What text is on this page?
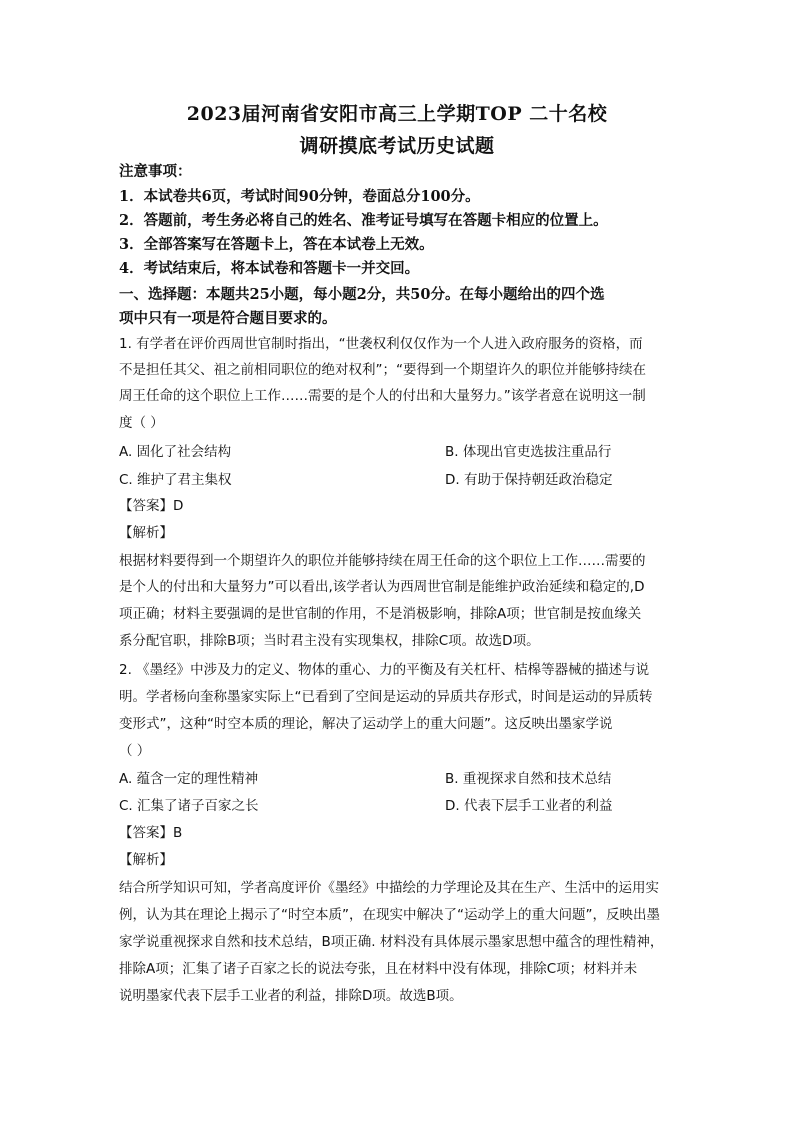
2023届河南省安阳市高三上学期TOP 二十名校
调研摸底考试历史试题
注意事项：
1．本试卷共6页，考试时间90分钟，卷面总分100分。
2．答题前，考生务必将自己的姓名、准考证号填写在答题卡相应的位置上。
3．全部答案写在答题卡上，答在本试卷上无效。
4．考试结束后，将本试卷和答题卡一并交回。
一、选择题：本题共25小题，每小题2分，共50分。在每小题给出的四个选
项中只有一项是符合题目要求的。
1. 有学者在评价西周世官制时指出，“世袭权利仅仅作为一个人进入政府服务的资格，而
不是担任其父、祖之前相同职位的绝对权利”；“要得到一个期望许久的职位并能够持续在
周王任命的这个职位上工作……需要的是个人的付出和大量努力。”该学者意在说明这一制
度（ ）
A. 固化了社会结构	B. 体现出官吏选拔注重品行
C. 维护了君主集权	D. 有助于保持朝廷政治稳定
【答案】D
【解析】
根据材料要得到一个期望许久的职位并能够持续在周王任命的这个职位上工作……需要的
是个人的付出和大量努力”可以看出,该学者认为西周世官制是能维护政治延续和稳定的,D
项正确；材料主要强调的是世官制的作用，不是消极影响，排除A项；世官制是按血缘关
系分配官职，排除B项；当时君主没有实现集权，排除C项。故选D项。
2. 《墨经》中涉及力的定义、物体的重心、力的平衡及有关杠杆、桔槔等器械的描述与说
明。学者杨向奎称墨家实际上“已看到了空间是运动的异质共存形式，时间是运动的异质转
变形式”，这种“时空本质的理论，解决了运动学上的重大问题”。这反映出墨家学说
（ ）
A. 蕴含一定的理性精神	B. 重视探求自然和技术总结
C. 汇集了诸子百家之长	D. 代表下层手工业者的利益
【答案】B
【解析】
结合所学知识可知，学者高度评价《墨经》中描绘的力学理论及其在生产、生活中的运用实
例，认为其在理论上揭示了“时空本质”，在现实中解决了“运动学上的重大问题”，反映出墨
家学说重视探求自然和技术总结，B项正确. 材料没有具体展示墨家思想中蕴含的理性精神，
排除A项；汇集了诸子百家之长的说法夸张，且在材料中没有体现，排除C项；材料并未
说明墨家代表下层手工业者的利益，排除D项。故选B项。
